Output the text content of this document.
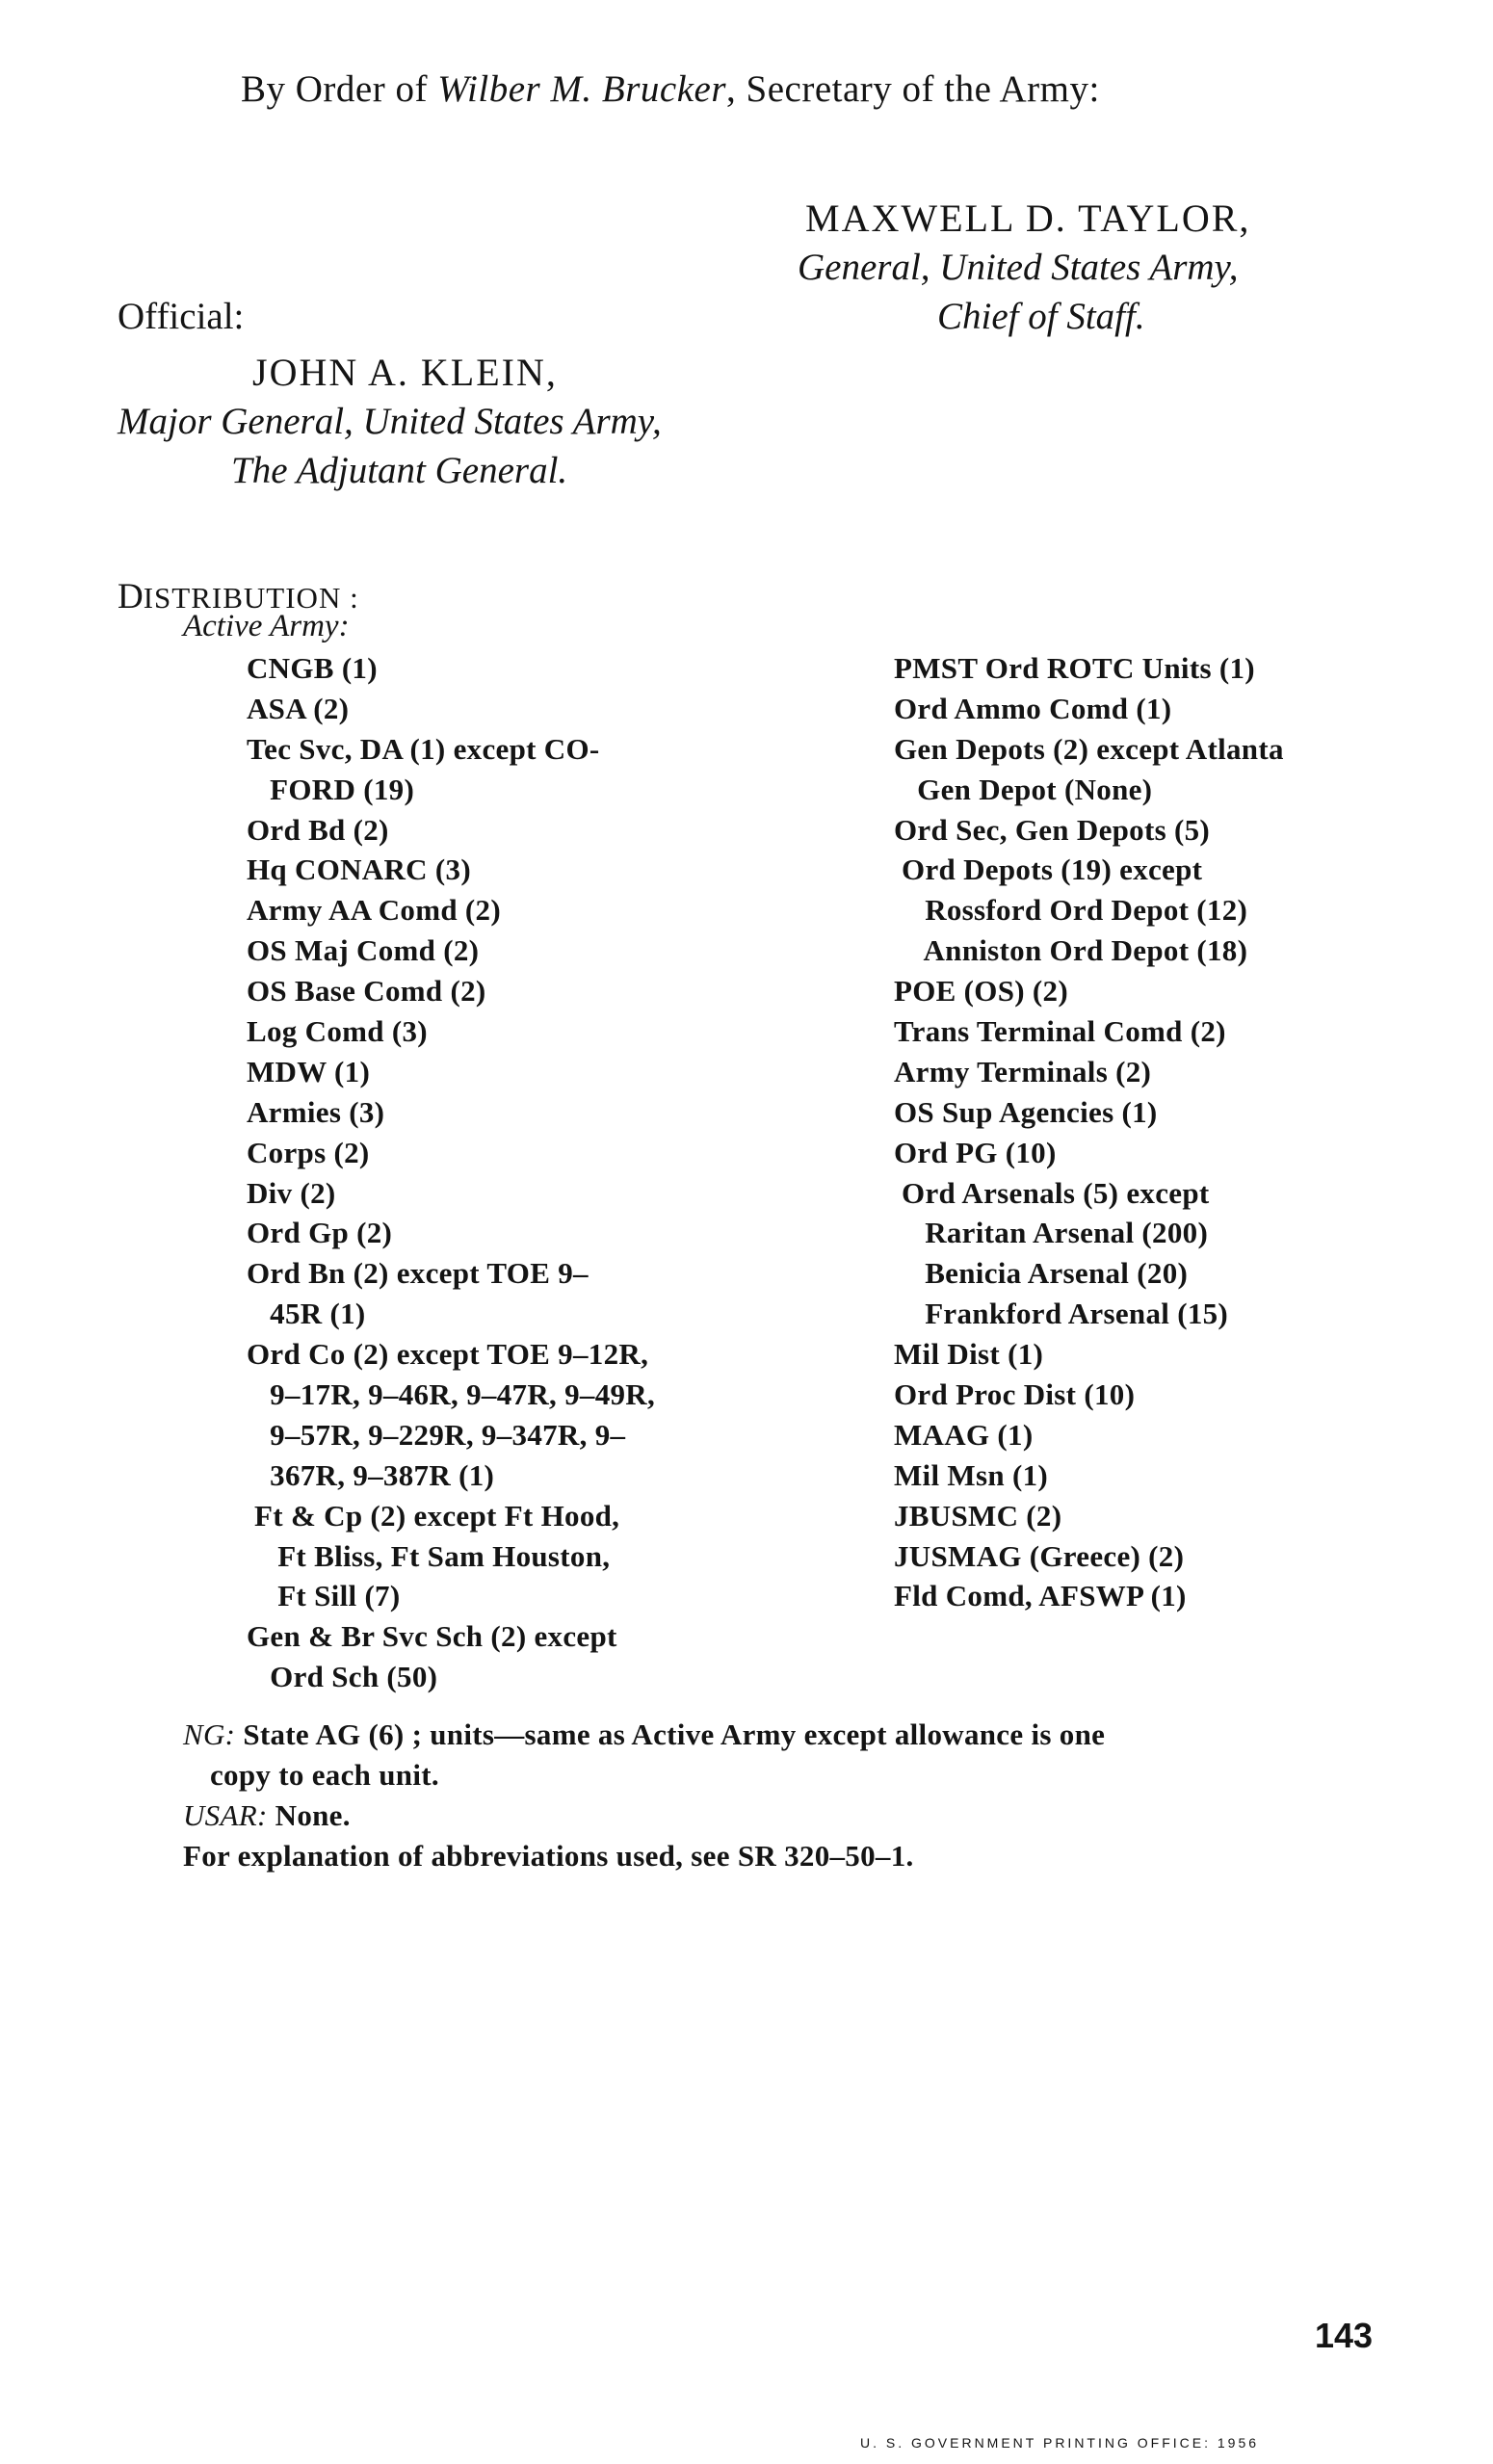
By Order of Wilber M. Brucker, Secretary of the Army:
MAXWELL D. TAYLOR,
General, United States Army,
Chief of Staff.
Official:
JOHN A. KLEIN,
Major General, United States Army,
The Adjutant General.
DISTRIBUTION :
Active Army:
CNGB (1)
ASA (2)
Tec Svc, DA (1) except CO-
FORD (19)
Ord Bd (2)
Hq CONARC (3)
Army AA Comd (2)
OS Maj Comd (2)
OS Base Comd (2)
Log Comd (3)
MDW (1)
Armies (3)
Corps (2)
Div (2)
Ord Gp (2)
Ord Bn (2) except TOE 9–
45R (1)
Ord Co (2) except TOE 9–12R,
9–17R, 9–46R, 9–47R, 9–49R,
9–57R, 9–229R, 9–347R, 9–
367R, 9–387R (1)
Ft & Cp (2) except Ft Hood,
Ft Bliss, Ft Sam Houston,
Ft Sill (7)
Gen & Br Svc Sch (2) except
Ord Sch (50)
PMST Ord ROTC Units (1)
Ord Ammo Comd (1)
Gen Depots (2) except Atlanta
Gen Depot (None)
Ord Sec, Gen Depots (5)
Ord Depots (19) except
Rossford Ord Depot (12)
Anniston Ord Depot (18)
POE (OS) (2)
Trans Terminal Comd (2)
Army Terminals (2)
OS Sup Agencies (1)
Ord PG (10)
Ord Arsenals (5) except
Raritan Arsenal (200)
Benicia Arsenal (20)
Frankford Arsenal (15)
Mil Dist (1)
Ord Proc Dist (10)
MAAG (1)
Mil Msn (1)
JBUSMC (2)
JUSMAG (Greece) (2)
Fld Comd, AFSWP (1)
NG: State AG (6) ; units—same as Active Army except allowance is one
copy to each unit.
USAR: None.
For explanation of abbreviations used, see SR 320–50–1.
143
U. S. GOVERNMENT PRINTING OFFICE: 1956
